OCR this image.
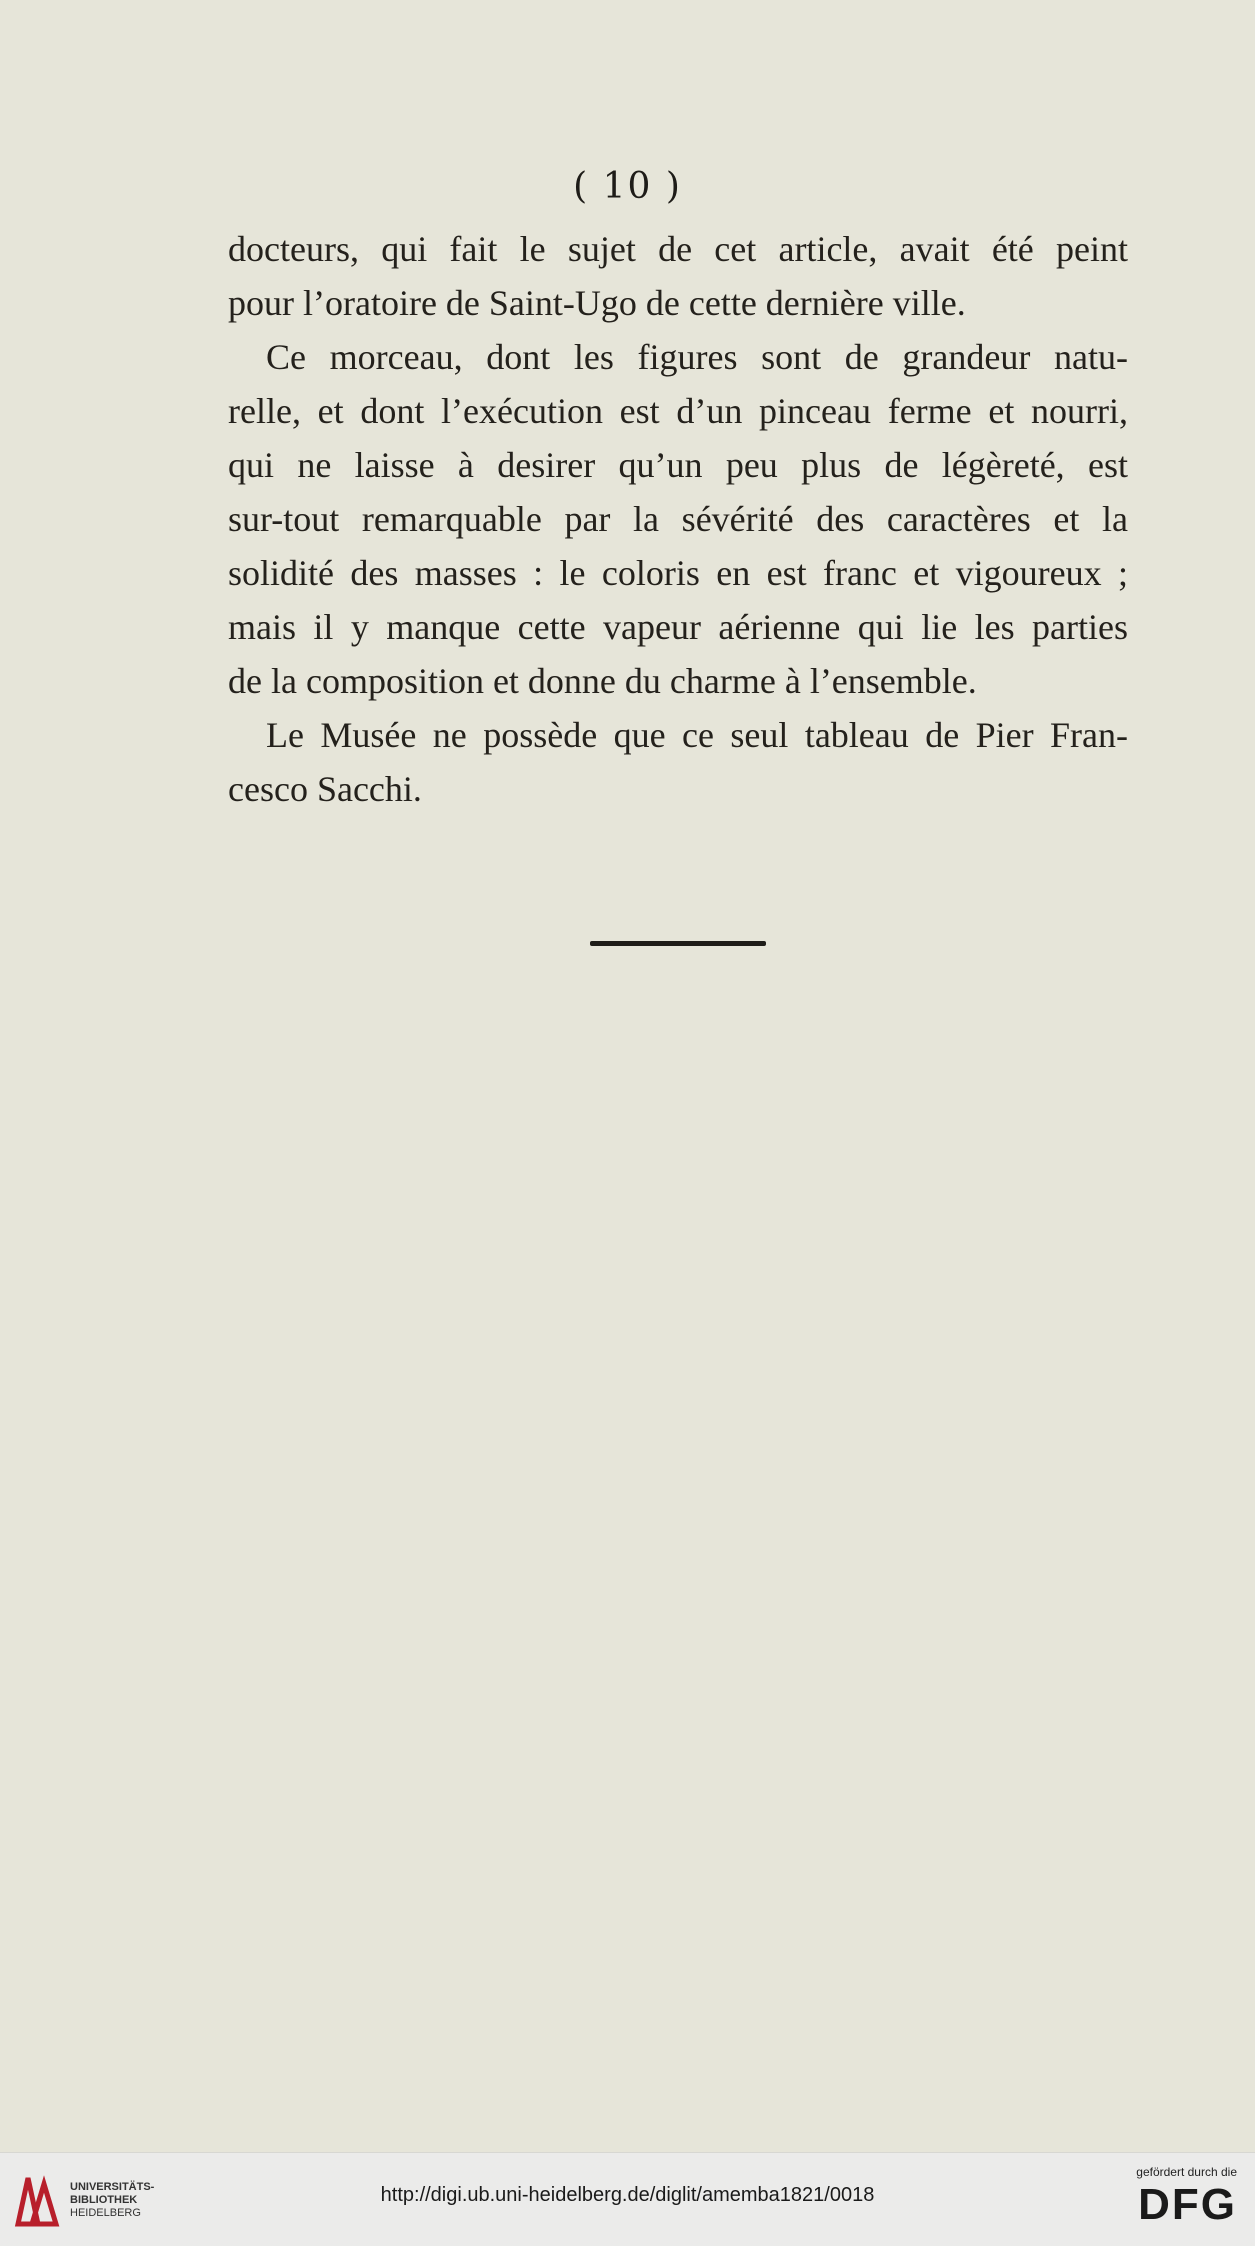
( 10 )
docteurs, qui fait le sujet de cet article, avait été peint
pour l’oratoire de Saint-Ugo de cette dernière ville.
Ce morceau, dont les figures sont de grandeur natu-
relle, et dont l’exécution est d’un pinceau ferme et nourri,
qui ne laisse à desirer qu’un peu plus de légèreté, est
sur-tout remarquable par la sévérité des caractères et la
solidité des masses : le coloris en est franc et vigoureux ;
mais il y manque cette vapeur aérienne qui lie les parties
de la composition et donne du charme à l’ensemble.
Le Musée ne possède que ce seul tableau de Pier Fran-
cesco Sacchi.
UNIVERSITÄTS-
BIBLIOTHEK
HEIDELBERG
http://digi.ub.uni-heidelberg.de/diglit/amemba1821/0018
gefördert durch die
DFG
